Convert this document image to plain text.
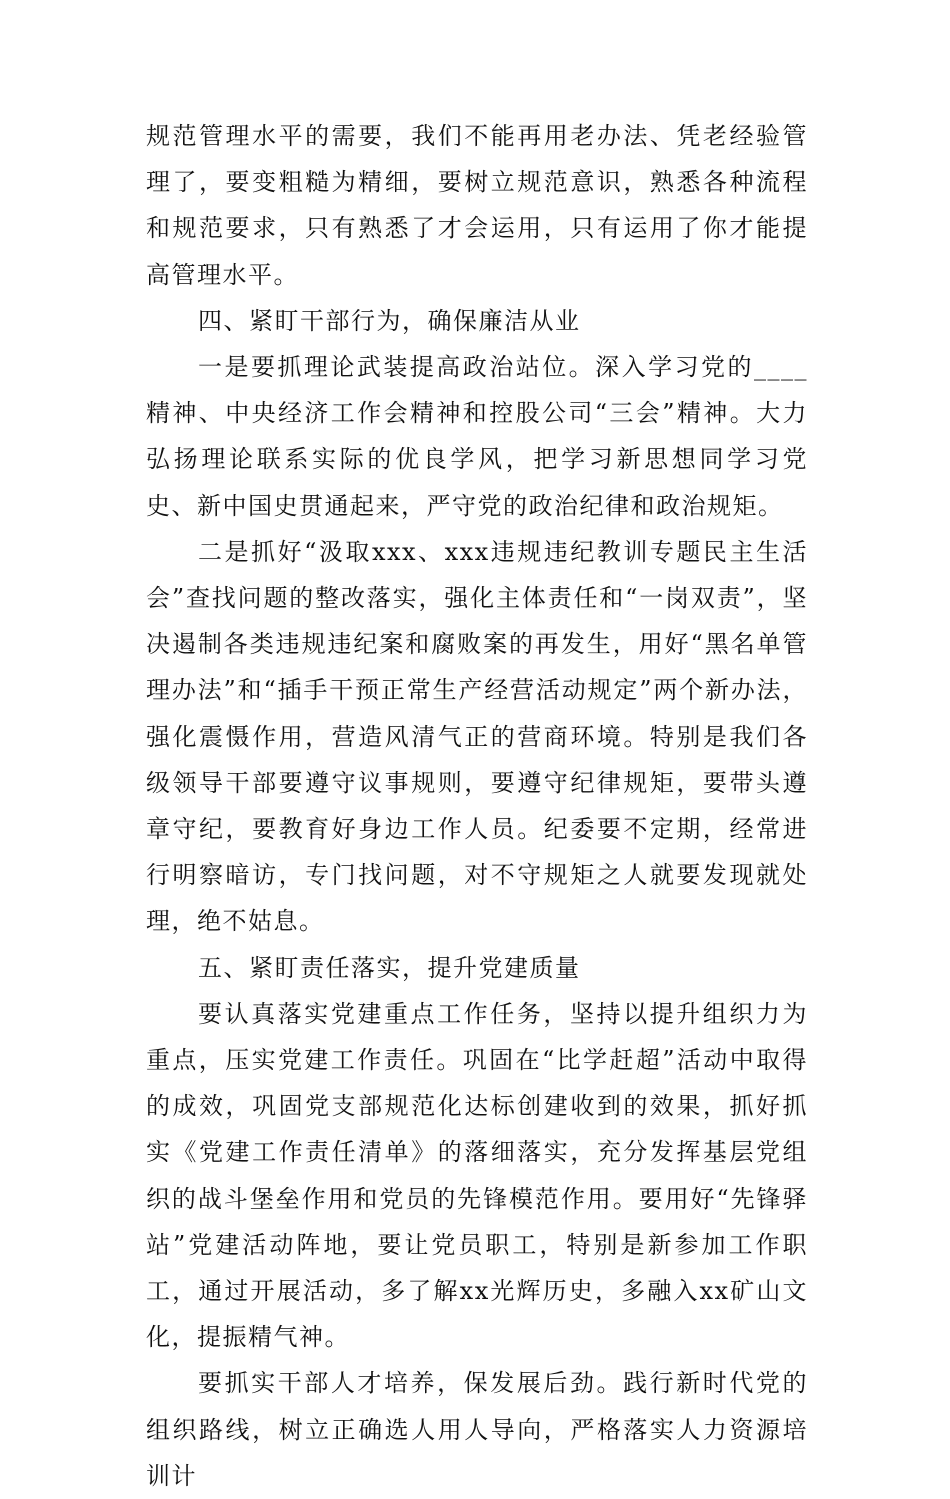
规范管理水平的需要，我们不能再用老办法、凭老经验管理了，要变粗糙为精细，要树立规范意识，熟悉各种流程和规范要求，只有熟悉了才会运用，只有运用了你才能提高管理水平。

四、紧盯干部行为，确保廉洁从业

一是要抓理论武装提高政治站位。深入学习党的____精神、中央经济工作会精神和控股公司“三会”精神。大力弘扬理论联系实际的优良学风，把学习新思想同学习党史、新中国史贯通起来，严守党的政治纪律和政治规矩。

二是抓好“汲取xxx、xxx违规违纪教训专题民主生活会”查找问题的整改落实，强化主体责任和“一岗双责”，坚决遏制各类违规违纪案和腐败案的再发生，用好“黑名单管理办法”和“插手干预正常生产经营活动规定”两个新办法，强化震慑作用，营造风清气正的营商环境。特别是我们各级领导干部要遵守议事规则，要遵守纪律规矩，要带头遵章守纪，要教育好身边工作人员。纪委要不定期，经常进行明察暗访，专门找问题，对不守规矩之人就要发现就处理，绝不姑息。

五、紧盯责任落实，提升党建质量

要认真落实党建重点工作任务，坚持以提升组织力为重点，压实党建工作责任。巩固在“比学赶超”活动中取得的成效，巩固党支部规范化达标创建收到的效果，抓好抓实《党建工作责任清单》的落细落实，充分发挥基层党组织的战斗堡垒作用和党员的先锋模范作用。要用好“先锋驿站”党建活动阵地，要让党员职工，特别是新参加工作职工，通过开展活动，多了解xx光辉历史，多融入xx矿山文化，提振精气神。

要抓实干部人才培养，保发展后劲。践行新时代党的组织路线，树立正确选人用人导向，严格落实人力资源培训计
